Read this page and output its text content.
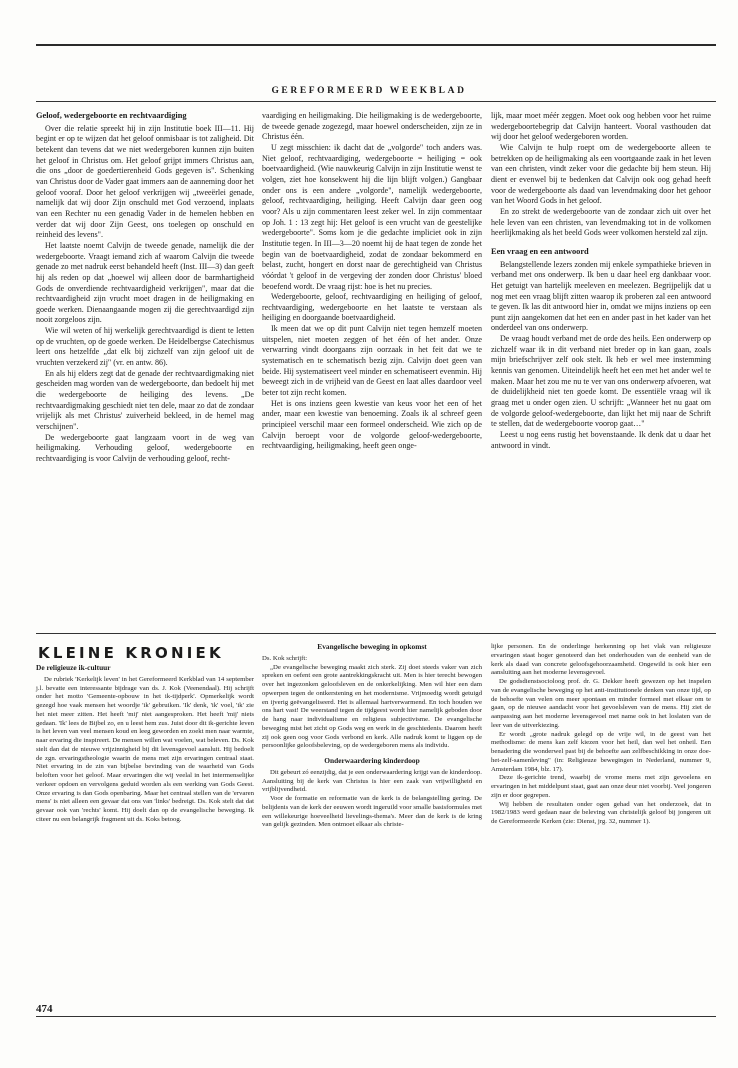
GEREFORMEERD WEEKBLAD
Geloof, wedergeboorte en rechtvaardiging

Over die relatie spreekt hij in zijn Institutie boek III—11. Hij begint er op te wijzen dat het geloof onmisbaar is tot zaligheid. Dit betekent dan tevens dat we niet wedergeboren kunnen zijn buiten het geloof in Christus om. Het geloof grijpt immers Christus aan, die ons „door de goedertierenheid Gods gegeven is". Schenking van Christus door de Vader gaat immers aan de aanneming door het geloof vooraf. Door het geloof verkrijgen wij „tweeërlei genade, namelijk dat wij door Zijn onschuld met God verzoend, inplaats van een Rechter nu een genadig Vader in de hemelen hebben en verder dat wij door Zijn Geest, ons toelegen op onschuld en reinheid des levens".

Het laatste noemt Calvijn de tweede genade, namelijk die der wedergeboorte. Vraagt iemand zich af waarom Calvijn die tweede genade zo met nadruk eerst behandeld heeft (Inst. III—3) dan geeft hij als reden op dat „hoewel wij alleen door de barmhartigheid Gods de onverdiende rechtvaardigheid verkrijgen", maar dat die rechtvaardigheid zijn vrucht moet dragen in de heiligmaking en goede werken. Dienaangaande mogen zij die gerechtvaardigd zijn nooit zorgeloos zijn.

Wie wil weten of hij werkelijk gerechtvaardigd is dient te letten op de vruchten, op de goede werken. De Heidelbergse Catechismus leert ons hetzelfde „dat elk bij zichzelf van zijn geloof uit de vruchten verzekerd zij" (vr. en antw. 86).

En als hij elders zegt dat de genade der rechtvaardigmaking niet gescheiden mag worden van de wedergeboorte, dan bedoelt hij met die wedergeboorte de heiliging des levens. „De rechtvaardigmaking geschiedt niet ten dele, maar zo dat de zondaar vrijelijk als met Christus' zuiverheid bekleed, in de hemel mag verschijnen".

De wedergeboorte gaat langzaam voort in de weg van heiligmaking. Verhouding geloof, wedergeboorte en rechtvaardiging is voor Calvijn de verhouding geloof, recht-

vaardiging en heiligmaking. Die heiligmaking is de wedergeboorte, de tweede genade zogezegd, maar hoewel onderscheiden, zijn ze in Christus één.

U zegt misschien: ik dacht dat de „volgorde" toch anders was. Niet geloof, rechtvaardiging, wedergeboorte = heiliging = ook boetvaardigheid. (Wie nauwkeurig Calvijn in zijn Institutie wenst te volgen, ziet hoe konsekwent hij die lijn blijft volgen.) Gangbaar onder ons is een andere „volgorde", namelijk wedergeboorte, geloof, rechtvaardiging, heiliging. Heeft Calvijn daar geen oog voor? Als u zijn commentaren leest zeker wel. In zijn commentaar op Joh. 1 : 13 zegt hij: Het geloof is een vrucht van de geestelijke wedergeboorte". Soms kom je die gedachte impliciet ook in zijn Institutie tegen. In III—3—20 noemt hij de haat tegen de zonde het begin van de boetvaardigheid, zodat de zondaar bekommerd en belast, zucht, hongert en dorst naar de gerechtigheid van Christus vóórdat 't geloof in de vergeving der zonden door Christus' bloed beoefend wordt. De vraag rijst: hoe is het nu precies.

Wedergeboorte, geloof, rechtvaardiging en heiliging of geloof, rechtvaardiging, wedergeboorte en het laatste te verstaan als heiliging en doorgaande boetvaardigheid.

Ik meen dat we op dit punt Calvijn niet tegen hemzelf moeten uitspelen, niet moeten zeggen of het één of het ander. Onze verwarring vindt doorgaans zijn oorzaak in het feit dat we te systematisch en te schematisch bezig zijn. Calvijn doet geen van beide. Hij systematiseert veel minder en schematiseert evenmin. Hij beweegt zich in de vrijheid van de Geest en laat alles daardoor veel beter tot zijn recht komen.

Het is ons inziens geen kwestie van keus voor het een of het ander, maar een kwestie van benoeming. Zoals ik al schreef geen principieel verschil maar een formeel onderscheid. Wie zich op de Calvijn beroept voor de volgorde geloof-wedergeboorte, rechtvaardiging, heiligmaking, heeft geen onge-

lijk, maar moet méér zeggen. Moet ook oog hebben voor het ruime wedergeboortebegrip dat Calvijn hanteert. Vooral vasthouden dat wij door het geloof wedergeboren worden.

Wie Calvijn te hulp roept om de wedergeboorte alleen te betrekken op de heiligmaking als een voortgaande zaak in het leven van een christen, vindt zeker voor die gedachte bij hem steun. Hij dient er evenwel bij te bedenken dat Calvijn ook oog gehad heeft voor de wedergeboorte als daad van levendmaking door het gehoor van het Woord Gods in het geloof.

En zo strekt de wedergeboorte van de zondaar zich uit over het hele leven van een christen, van levendmaking tot in de volkomen heerlijkmaking als het beeld Gods weer volkomen hersteld zal zijn.

Een vraag en een antwoord

Belangstellende lezers zonden mij enkele sympathieke brieven in verband met ons onderwerp. Ik ben u daar heel erg dankbaar voor. Het getuigt van hartelijk meeleven en meelezen. Begrijpelijk dat u nog met een vraag blijft zitten waarop ik proberen zal een antwoord te geven. Ik las dit antwoord hier in, omdat we mijns inziens op een punt zijn aangekomen dat het een en ander past in het kader van het onderdeel van ons onderwerp.

De vraag houdt verband met de orde des heils. Een onderwerp op zichzelf waar ik in dit verband niet breder op in kan gaan, zoals mijn briefschrijver zelf ook stelt. Ik heb er wel mee instemming kennis van genomen. Uiteindelijk heeft het een met het ander wel te maken. Maar het zou me nu te ver van ons onderwerp afvoeren, wat de duidelijkheid niet ten goede komt. De essentiële vraag wil ik graag met u onder ogen zien. U schrijft: „Wanneer het nu gaat om de volgorde geloof-wedergeboorte, dan lijkt het mij naar de Schrift te stellen, dat de wedergeboorte voorop gaat…"

Leest u nog eens rustig het bovenstaande. Ik denk dat u daar het antwoord in vindt.

KLEINE KRONIEK
De religieuze ik-cultuur

De rubriek 'Kerkelijk leven' in het Gereformeerd Kerkblad van 14 september j.l. bevatte een interessante bijdrage van ds. J. Kok (Veenendaal). Hij schrijft onder het motto 'Gemeente-opbouw in het ik-tijdperk'. Opmerkelijk wordt gezegd hoe vaak mensen het woordje 'ik' gebruiken. 'Ik' denk, 'ik' voel, 'ik' zie het niet meer zitten. Het heeft 'mij' niet aangesproken. Het heeft 'mij' niets gedaan. 'Ik' lees de Bijbel zo, en u leest hem zus. Juist door dit ik-gerichte leven is het leven van veel mensen koud en leeg geworden en zoekt men naar warmte, naar ervaring die inspireert. De mensen willen wat voelen, wat beleven. Ds. Kok stelt dan dat de nieuwe vrijzinnigheid bij dit levensgevoel aansluit. Hij bedoelt de zgn. ervaringstheologie waarin de mens met zijn ervaringen centraal staat. Niet ervaring in de zin van bijbelse bevinding van de waarheid van Gods beloften voor het geloof. Maar ervaringen die wij veelal in het intermenselijke verkeer opdoen en vervolgens geduid worden als een werking van Gods Geest. Onze ervaring is dan Gods openbaring. Maar het centraal stellen van de 'ervaren mens' is niet alleen een gevaar dat ons van 'links' bedreigt. Ds. Kok stelt dat dat gevaar ook van 'rechts' komt. Hij doelt dan op de evangelische beweging. Ik citeer nu een belangrijk fragment uit ds. Koks betoog.

Evangelische beweging in opkomst

Ds. Kok schrijft:

„De evangelische beweging maakt zich sterk. Zij doet steeds vaker van zich spreken en oefent een grote aantrekkingskracht uit. Men is hier terecht bewogen over het ingezonken geloofsleven en de onkerkelijking. Men wil hier een dam opwerpen tegen de ontkerstening en het modernisme. Vrijmoedig wordt getuigd en ijverig geëvangeliseerd. Het is allemaal hartverwarmend. En toch houden we ons hart vast! De weerstand tegen de tijdgeest wordt hier namelijk geboden door de hang naar individualisme en religieus subjectivisme. De evangelische beweging mist het zicht op Gods weg en werk in de geschiedenis. Daarom heeft zij ook geen oog voor Gods verbond en kerk. Alle nadruk komt te liggen op de persoonlijke geloofsbeleving, op de wedergeboren mens als individu.

Onderwaardering kinderdoop

Dit gebeurt zó eenzijdig, dat je een onderwaardering krijgt van de kinderdoop. Aansluiting bij de kerk van Christus is hier een zaak van vrijwilligheid en vrijblijvendheid.

Voor de formatie en reformatie van de kerk is de belangstelling gering. De belijdenis van de kerk der eeuwen wordt ingeruild voor smalle basisformules met een willekeurige hoeveelheid lievelings-thema's. Meer dan de kerk is de kring van gelijk gezinden. Men ontmoet elkaar als christe-

lijke personen. En de onderlinge herkenning op het vlak van religieuze ervaringen staat hoger genoteerd dan het onderhouden van de eenheid van de kerk als daad van concrete geloofsgehoorzaamheid. Ongewild is ook hier een aansluiting aan het moderne levensgevoel.

De godsdienstsocioloog prof. dr. G. Dekker heeft gewezen op het inspelen van de evangelische beweging op het anti-institutionele denken van onze tijd, op de behoefte van velen om meer spontaan en minder formeel met elkaar om te gaan, op de nieuwe aandacht voor het gevoelsleven van de mens. Hij ziet de aanpassing aan het moderne levensgevoel met name ook in het loslaten van de leer van de uitverkiezing.

Er wordt „grote nadruk gelegd op de vrije wil, in de geest van het methodisme: de mens kan zelf kiezen voor het heil, dan wel het onheil. Een benadering die wonderwel past bij de behoefte aan zelfbeschikking in onze doe-het-zelf-samenleving" (in: Religieuze bewegingen in Nederland, nummer 9, Amsterdam 1984, blz. 17).

Deze ik-gerichte trend, waarbij de vrome mens met zijn gevoelens en ervaringen in het middelpunt staat, gaat aan onze deur niet voorbij. Veel jongeren zijn er door gegrepen.

Wij hebben de resultaten onder ogen gehad van het onderzoek, dat in 1982/1983 werd gedaan naar de beleving van christelijk geloof bij jongeren uit de Gereformeerde Kerken (zie: Dienst, jrg. 32, nummer 1).

474
